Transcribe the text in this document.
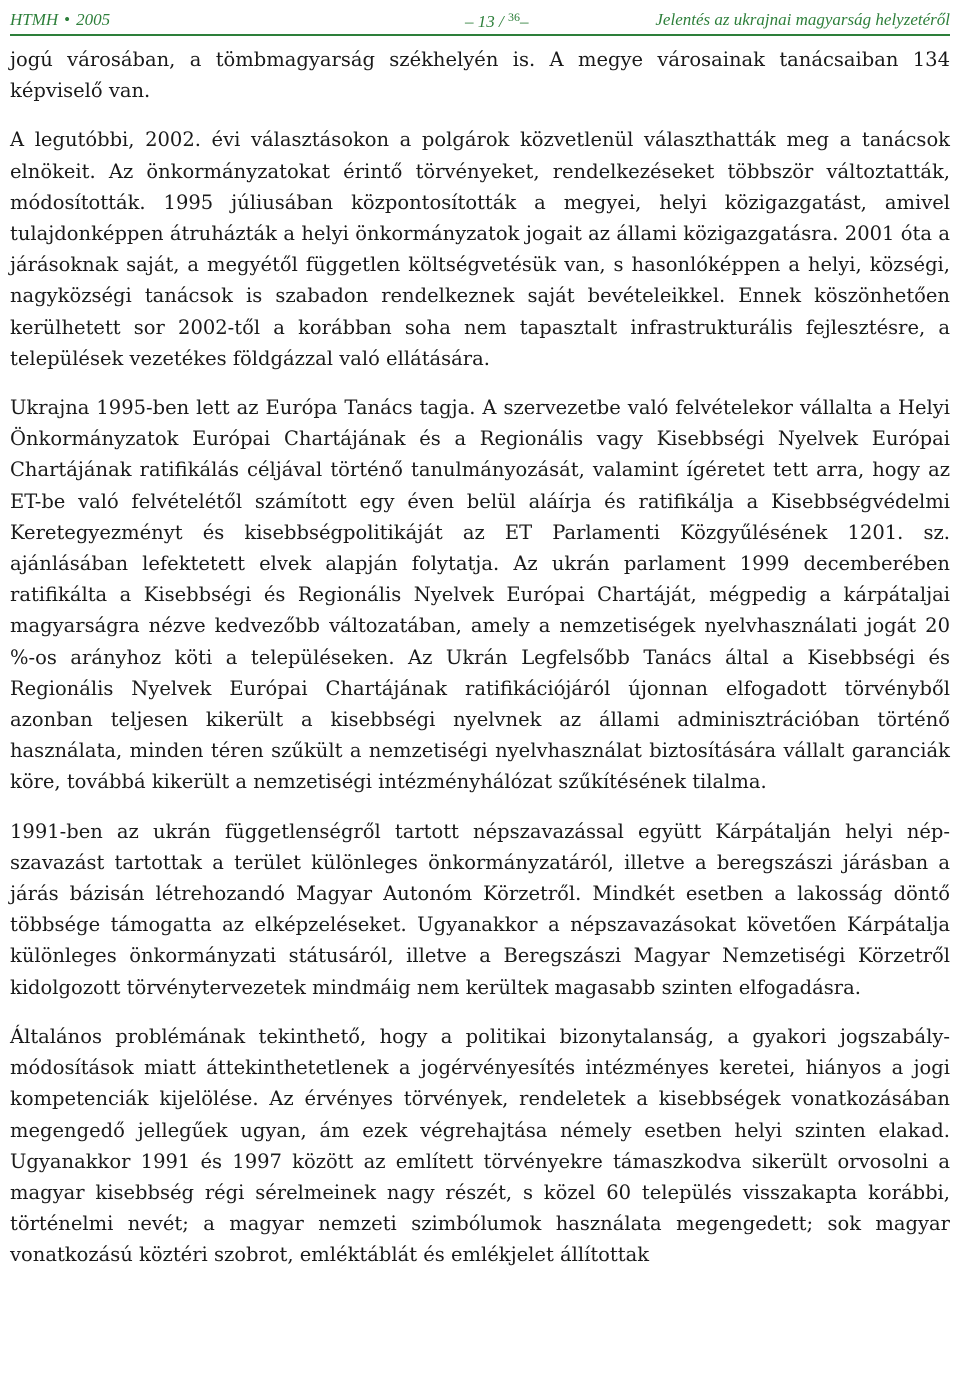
HTMH • 2005	– 13 / $^{36}$–	Jelentés az ukrajnai magyarság helyzetéről

jogú városában, a tömbmagyarság székhelyén is. A megye városainak tanácsaiban 134 képviselő van.

A legutóbbi, 2002. évi választásokon a polgárok közvetlenül választhatták meg a tanácsok elnökeit. Az önkormányzatokat érintő törvényeket, rendelkezéseket többször változtatták, módosították. 1995 júliusában központosították a megyei, helyi közigazgatást, amivel tulajdonképpen átruházták a helyi önkormányzatok jogait az állami közigazgatásra. 2001 óta a járásoknak saját, a megyétől független költségvetésük van, s hasonlóképpen a helyi, községi, nagyközségi tanácsok is szabadon rendelkeznek saját bevételeikkel. Ennek köszönhetően kerülhetett sor 2002-től a korábban soha nem tapasztalt infrastrukturális fejlesztésre, a települések vezetékes földgázzal való ellátására.

Ukrajna 1995-ben lett az Európa Tanács tagja. A szervezetbe való felvételekor vállalta a Helyi Önkormányzatok Európai Chartájának és a Regionális vagy Kisebbségi Nyelvek Európai Chartájának ratifikálás céljával történő tanulmányozását, valamint ígéretet tett arra, hogy az ET-be való felvételétől számított egy éven belül aláírja és ratifikálja a Kisebbségvédelmi Keretegyezményt és kisebbségpolitikáját az ET Parlamenti Közgyűlésének 1201. sz. ajánlásában lefektetett elvek alapján folytatja. Az ukrán parlament 1999 decemberében ratifikálta a Kisebbségi és Regionális Nyelvek Európai Chartáját, mégpedig a kárpátaljai magyarságra nézve kedvezőbb változatában, amely a nemzetiségek nyelvhasználati jogát 20 %-os arányhoz köti a településeken. Az Ukrán Legfelsőbb Tanács által a Kisebbségi és Regionális Nyelvek Európai Chartájának ratifikációjáról újonnan elfogadott törvényből azonban teljesen kikerült a kisebbségi nyelvnek az állami adminisztrációban történő használata, minden téren szűkült a nemzetiségi nyelvhasználat biztosítására vállalt garanciák köre, továbbá kikerült a nemzetiségi intézményhálózat szűkítésének tilalma.

1991-ben az ukrán függetlenségről tartott népszavazással együtt Kárpátalján helyi népszavazást tartottak a terület különleges önkormányzatáról, illetve a beregszászi járásban a járás bázisán létrehozandó Magyar Autonóm Körzetről. Mindkét esetben a lakosság döntő többsége támogatta az elképzeléseket. Ugyanakkor a népszavazásokat követően Kárpátalja különleges önkormányzati státusáról, illetve a Beregszászi Magyar Nemzetiségi Körzetről kidolgozott törvénytervezetek mindmáig nem kerültek magasabb szinten elfogadásra.

Általános problémának tekinthető, hogy a politikai bizonytalanság, a gyakori jogszabály-módosítások miatt áttekinthetetlenek a jogérvényesítés intézményes keretei, hiányos a jogi kompetenciák kijelölése. Az érvényes törvények, rendeletek a kisebbségek vonatkozásában megengedő jellegűek ugyan, ám ezek végrehajtása némely esetben helyi szinten elakad. Ugyanakkor 1991 és 1997 között az említett törvényekre támaszkodva sikerült orvosolni a magyar kisebbség régi sérelmeinek nagy részét, s közel 60 település visszakapta korábbi, történelmi nevét; a magyar nemzeti szimbólumok használata megengedett; sok magyar vonatkozású köztéri szobrot, emléktáblát és emlékjelet állítottak
